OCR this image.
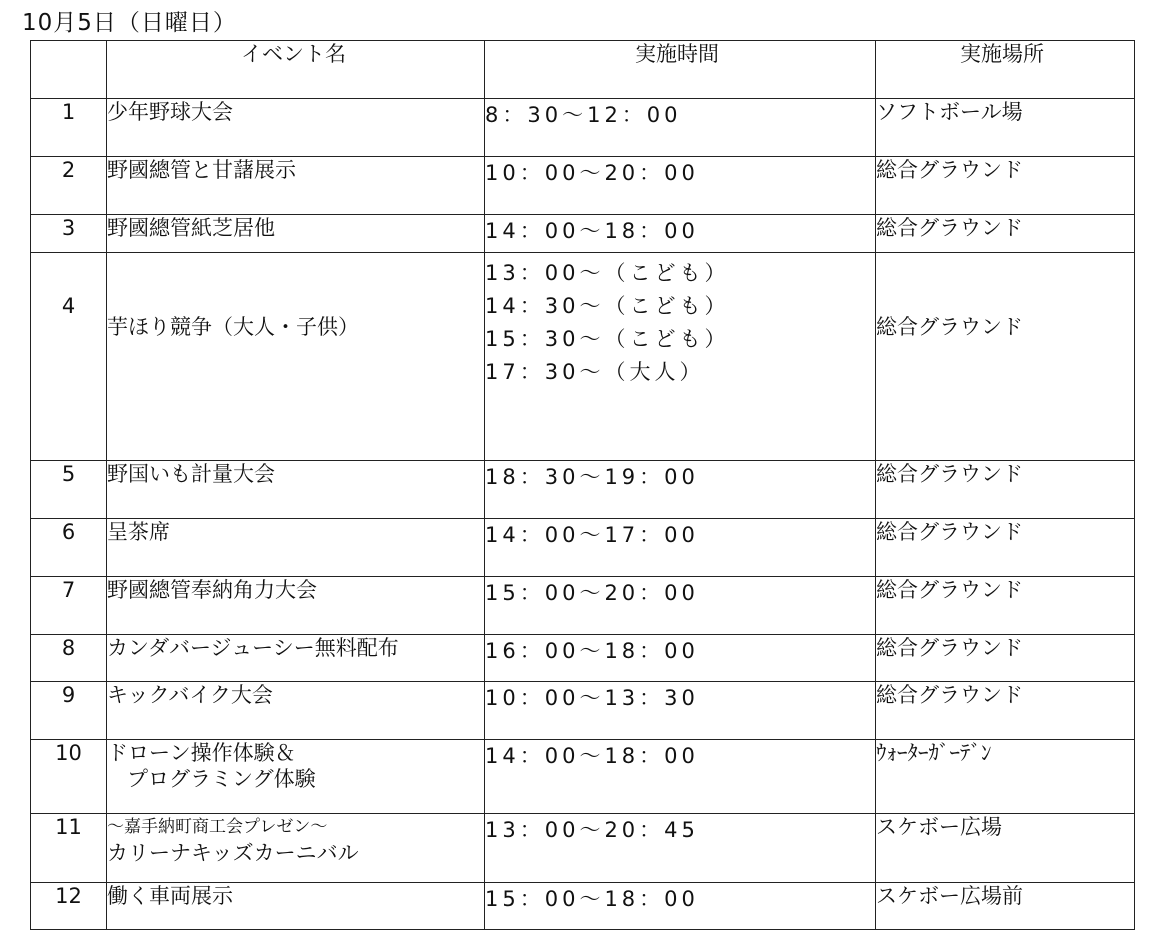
10月5日（日曜日）
	イベント名	実施時間	実施場所
1	少年野球大会	8：30～12：00	ソフトボール場
2	野國總管と甘藷展示	10：00～20：00	総合グラウンド
3	野國總管紙芝居他	14：00～18：00	総合グラウンド
4	芋ほり競争（大人・子供）	13：00～（こども）
14：30～（こども）
15：30～（こども）
17：30～（大人）	総合グラウンド
5	野国いも計量大会	18：30～19：00	総合グラウンド
6	呈茶席	14：00～17：00	総合グラウンド
7	野國總管奉納角力大会	15：00～20：00	総合グラウンド
8	カンダバージューシー無料配布	16：00～18：00	総合グラウンド
9	キックバイク大会	10：00～13：30	総合グラウンド
10	ドローン操作体験＆
プログラミング体験	14：00～18：00	ｳｫｰﾀｰｶﾞｰﾃﾞﾝ
11	～嘉手納町商工会プレゼン～
カリーナキッズカーニバル	13：00～20：45	スケボー広場
12	働く車両展示	15：00～18：00	スケボー広場前
